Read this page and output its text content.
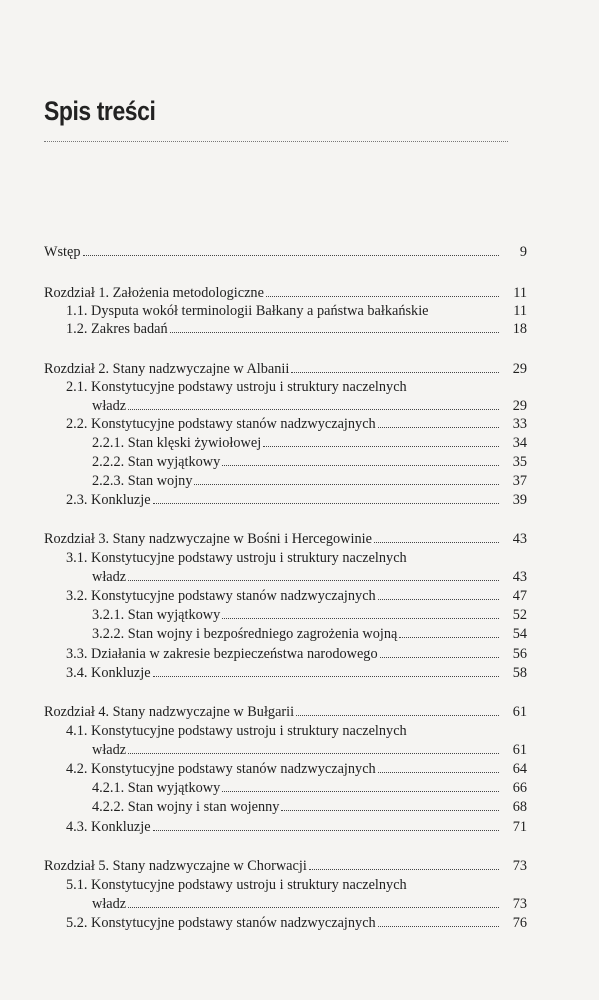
Spis treści
Wstęp	9
Rozdział 1. Założenia metodologiczne	11
1.1. Dysputa wokół terminologii Bałkany a państwa bałkańskie	11
1.2. Zakres badań	18
Rozdział 2. Stany nadzwyczajne w Albanii	29
2.1. Konstytucyjne podstawy ustroju i struktury naczelnych
władz	29
2.2. Konstytucyjne podstawy stanów nadzwyczajnych	33
2.2.1. Stan klęski żywiołowej	34
2.2.2. Stan wyjątkowy	35
2.2.3. Stan wojny	37
2.3. Konkluzje	39
Rozdział 3. Stany nadzwyczajne w Bośni i Hercegowinie	43
3.1. Konstytucyjne podstawy ustroju i struktury naczelnych
władz	43
3.2. Konstytucyjne podstawy stanów nadzwyczajnych	47
3.2.1. Stan wyjątkowy	52
3.2.2. Stan wojny i bezpośredniego zagrożenia wojną	54
3.3. Działania w zakresie bezpieczeństwa narodowego	56
3.4. Konkluzje	58
Rozdział 4. Stany nadzwyczajne w Bułgarii	61
4.1. Konstytucyjne podstawy ustroju i struktury naczelnych
władz	61
4.2. Konstytucyjne podstawy stanów nadzwyczajnych	64
4.2.1. Stan wyjątkowy	66
4.2.2. Stan wojny i stan wojenny	68
4.3. Konkluzje	71
Rozdział 5. Stany nadzwyczajne w Chorwacji	73
5.1. Konstytucyjne podstawy ustroju i struktury naczelnych
władz	73
5.2. Konstytucyjne podstawy stanów nadzwyczajnych	76
